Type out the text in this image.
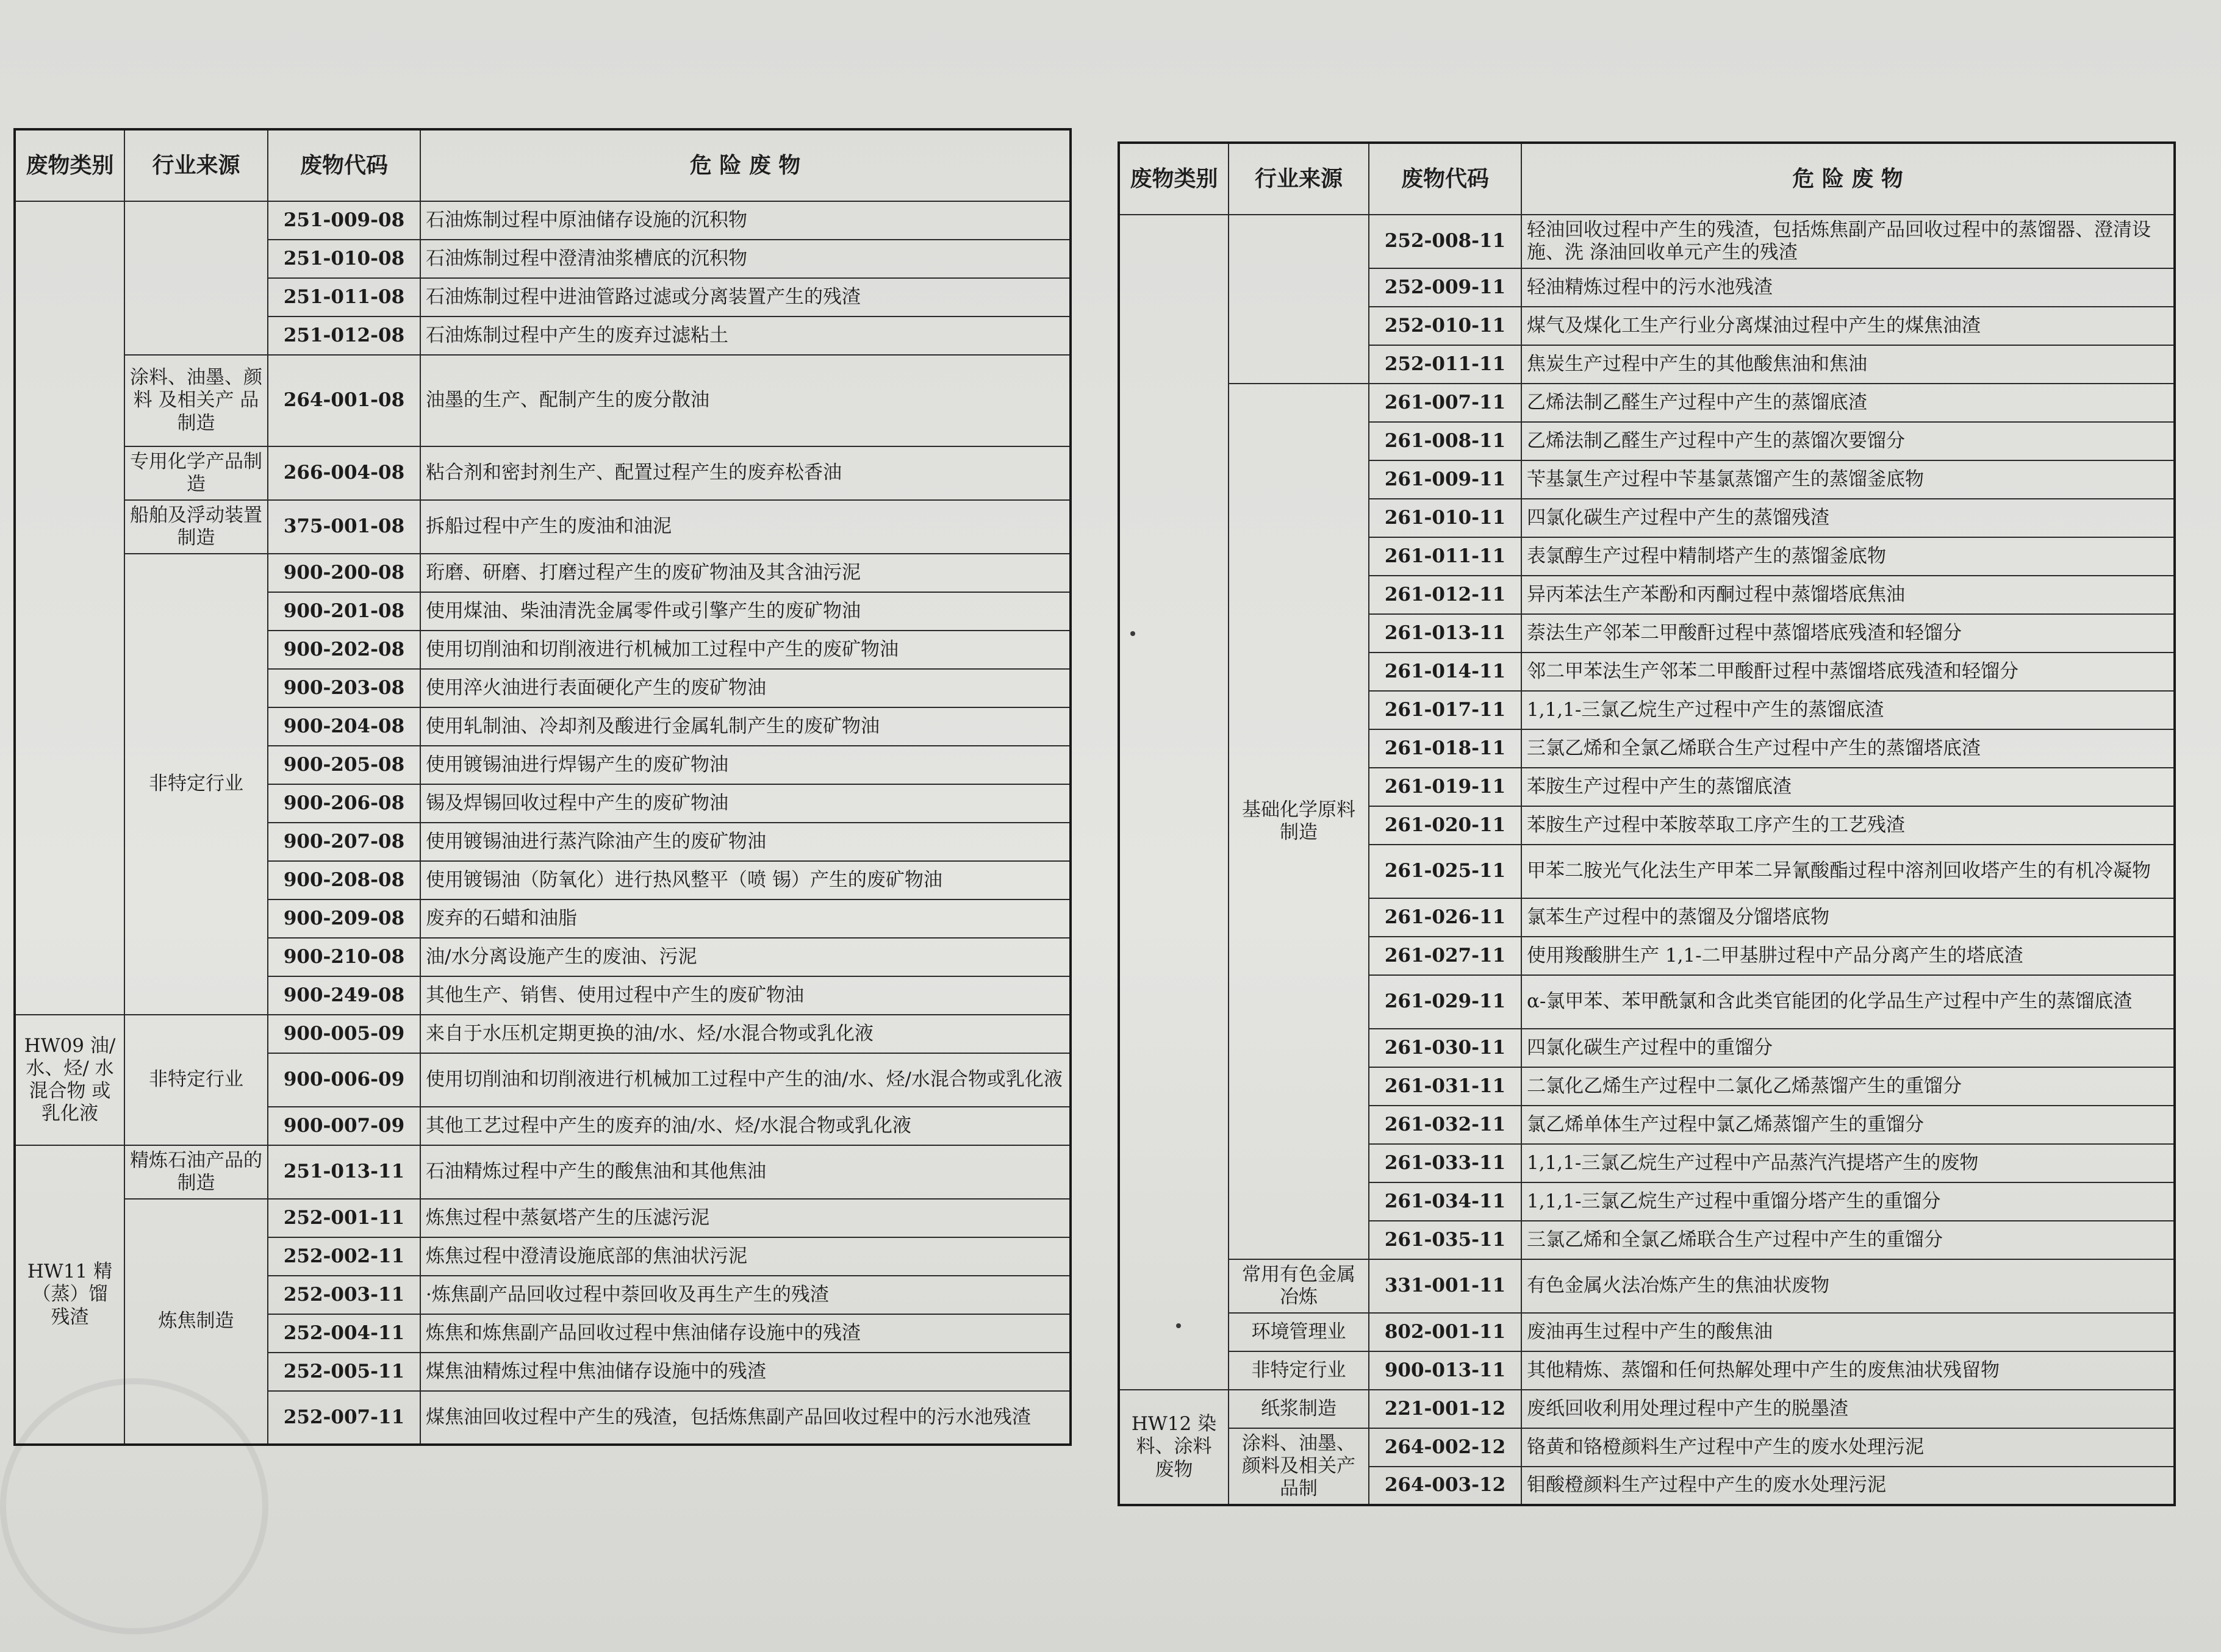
废物类别	行业来源	废物代码	危 险 废 物
		251-009-08	石油炼制过程中原油储存设施的沉积物
		251-010-08	石油炼制过程中澄清油浆槽底的沉积物
		251-011-08	石油炼制过程中进油管路过滤或分离装置产生的残渣
		251-012-08	石油炼制过程中产生的废弃过滤粘土
	涂料、油墨、颜料 及相关产 品制造	264-001-08	油墨的生产、配制产生的废分散油
	专用化学产品制造	266-004-08	粘合剂和密封剂生产、配置过程产生的废弃松香油
	船舶及浮动装置制造	375-001-08	拆船过程中产生的废油和油泥
	非特定行业	900-200-08	珩磨、研磨、打磨过程产生的废矿物油及其含油污泥
		900-201-08	使用煤油、柴油清洗金属零件或引擎产生的废矿物油
		900-202-08	使用切削油和切削液进行机械加工过程中产生的废矿物油
		900-203-08	使用淬火油进行表面硬化产生的废矿物油
		900-204-08	使用轧制油、冷却剂及酸进行金属轧制产生的废矿物油
		900-205-08	使用镀锡油进行焊锡产生的废矿物油
		900-206-08	锡及焊锡回收过程中产生的废矿物油
		900-207-08	使用镀锡油进行蒸汽除油产生的废矿物油
		900-208-08	使用镀锡油（防氧化）进行热风整平（喷 锡）产生的废矿物油
		900-209-08	废弃的石蜡和油脂
		900-210-08	油/水分离设施产生的废油、污泥
		900-249-08	其他生产、销售、使用过程中产生的废矿物油
HW09 油/水、烃/ 水混合物 或乳化液	非特定行业	900-005-09	来自于水压机定期更换的油/水、烃/水混合物或乳化液
		900-006-09	使用切削油和切削液进行机械加工过程中产生的油/水、烃/水混合物或乳化液
		900-007-09	其他工艺过程中产生的废弃的油/水、烃/水混合物或乳化液
HW11 精（蒸）馏 残渣	精炼石油产品的制造	251-013-11	石油精炼过程中产生的酸焦油和其他焦油
	炼焦制造	252-001-11	炼焦过程中蒸氨塔产生的压滤污泥
		252-002-11	炼焦过程中澄清设施底部的焦油状污泥
		252-003-11	·炼焦副产品回收过程中萘回收及再生产生的残渣
		252-004-11	炼焦和炼焦副产品回收过程中焦油储存设施中的残渣
		252-005-11	煤焦油精炼过程中焦油储存设施中的残渣
		252-007-11	煤焦油回收过程中产生的残渣，包括炼焦副产品回收过程中的污水池残渣
废物类别	行业来源	废物代码	危 险 废 物
		252-008-11	轻油回收过程中产生的残渣，包括炼焦副产品回收过程中的蒸馏器、澄清设施、洗 涤油回收单元产生的残渣
		252-009-11	轻油精炼过程中的污水池残渣
		252-010-11	煤气及煤化工生产行业分离煤油过程中产生的煤焦油渣
		252-011-11	焦炭生产过程中产生的其他酸焦油和焦油
	基础化学原料制造	261-007-11	乙烯法制乙醛生产过程中产生的蒸馏底渣
		261-008-11	乙烯法制乙醛生产过程中产生的蒸馏次要馏分
		261-009-11	苄基氯生产过程中苄基氯蒸馏产生的蒸馏釜底物
		261-010-11	四氯化碳生产过程中产生的蒸馏残渣
		261-011-11	表氯醇生产过程中精制塔产生的蒸馏釜底物
		261-012-11	异丙苯法生产苯酚和丙酮过程中蒸馏塔底焦油
		261-013-11	萘法生产邻苯二甲酸酐过程中蒸馏塔底残渣和轻馏分
		261-014-11	邻二甲苯法生产邻苯二甲酸酐过程中蒸馏塔底残渣和轻馏分
		261-017-11	1,1,1-三氯乙烷生产过程中产生的蒸馏底渣
		261-018-11	三氯乙烯和全氯乙烯联合生产过程中产生的蒸馏塔底渣
		261-019-11	苯胺生产过程中产生的蒸馏底渣
		261-020-11	苯胺生产过程中苯胺萃取工序产生的工艺残渣
		261-025-11	甲苯二胺光气化法生产甲苯二异氰酸酯过程中溶剂回收塔产生的有机冷凝物
		261-026-11	氯苯生产过程中的蒸馏及分馏塔底物
		261-027-11	使用羧酸肼生产 1,1-二甲基肼过程中产品分离产生的塔底渣
		261-029-11	α-氯甲苯、苯甲酰氯和含此类官能团的化学品生产过程中产生的蒸馏底渣
		261-030-11	四氯化碳生产过程中的重馏分
		261-031-11	二氯化乙烯生产过程中二氯化乙烯蒸馏产生的重馏分
		261-032-11	氯乙烯单体生产过程中氯乙烯蒸馏产生的重馏分
		261-033-11	1,1,1-三氯乙烷生产过程中产品蒸汽汽提塔产生的废物
		261-034-11	1,1,1-三氯乙烷生产过程中重馏分塔产生的重馏分
		261-035-11	三氯乙烯和全氯乙烯联合生产过程中产生的重馏分
	常用有色金属冶炼	331-001-11	有色金属火法冶炼产生的焦油状废物
	环境管理业	802-001-11	废油再生过程中产生的酸焦油
	非特定行业	900-013-11	其他精炼、蒸馏和任何热解处理中产生的废焦油状残留物
HW12 染料、涂料 废物	纸浆制造	221-001-12	废纸回收利用处理过程中产生的脱墨渣
	涂料、油墨、颜料及相关产品制	264-002-12	铬黄和铬橙颜料生产过程中产生的废水处理污泥
		264-003-12	钼酸橙颜料生产过程中产生的废水处理污泥
